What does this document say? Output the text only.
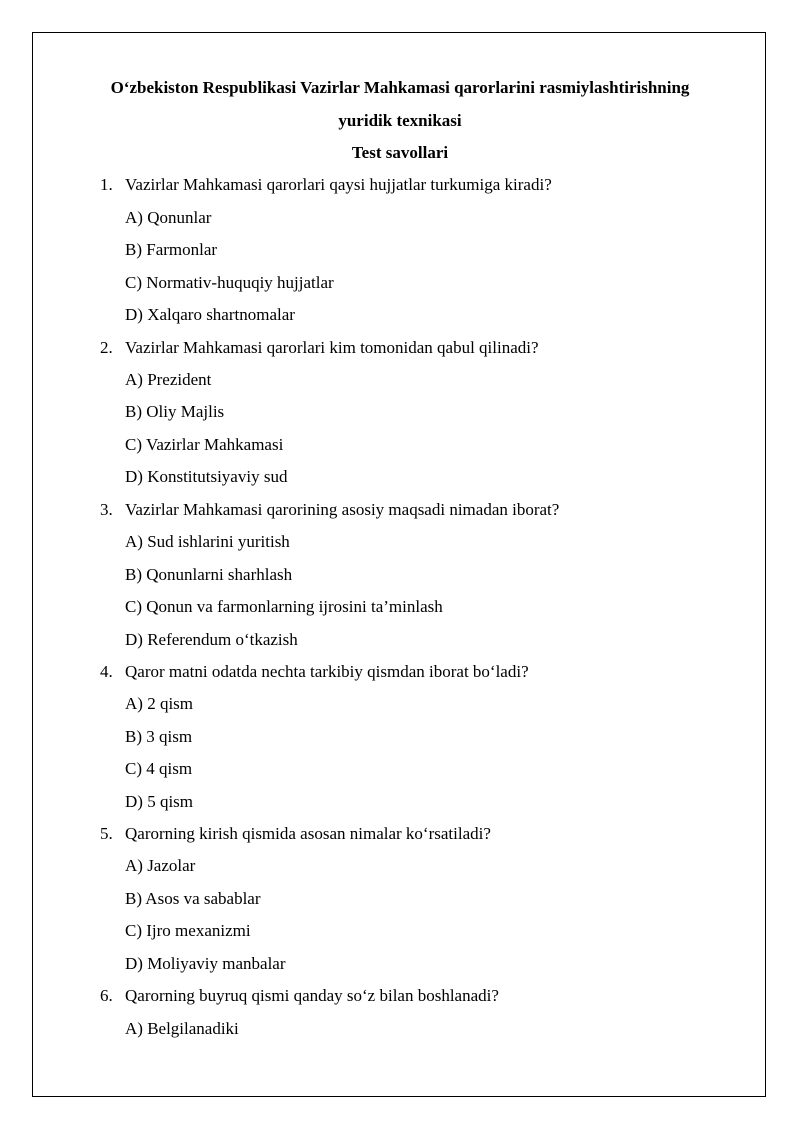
O‘zbekiston Respublikasi Vazirlar Mahkamasi qarorlarini rasmiylashtirishning
yuridik texnikasi
Test savollari
1. Vazirlar Mahkamasi qarorlari qaysi hujjatlar turkumiga kiradi?
A) Qonunlar
B) Farmonlar
C) Normativ-huquqiy hujjatlar
D) Xalqaro shartnomalar
2. Vazirlar Mahkamasi qarorlari kim tomonidan qabul qilinadi?
A) Prezident
B) Oliy Majlis
C) Vazirlar Mahkamasi
D) Konstitutsiyaviy sud
3. Vazirlar Mahkamasi qarorining asosiy maqsadi nimadan iborat?
A) Sud ishlarini yuritish
B) Qonunlarni sharhlash
C) Qonun va farmonlarning ijrosini ta’minlash
D) Referendum o‘tkazish
4. Qaror matni odatda nechta tarkibiy qismdan iborat bo‘ladi?
A) 2 qism
B) 3 qism
C) 4 qism
D) 5 qism
5. Qarorning kirish qismida asosan nimalar ko‘rsatiladi?
A) Jazolar
B) Asos va sabablar
C) Ijro mexanizmi
D) Moliyaviy manbalar
6. Qarorning buyruq qismi qanday so‘z bilan boshlanadi?
A) Belgilanadiki
